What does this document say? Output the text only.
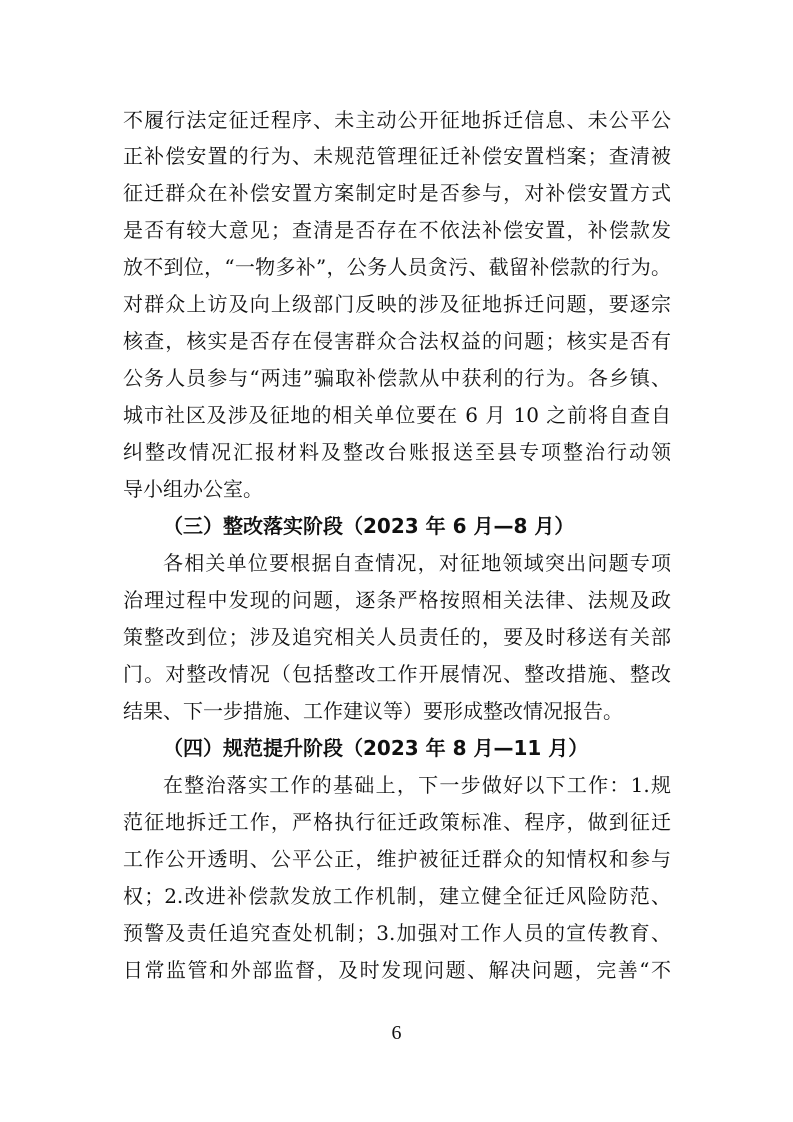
不履行法定征迁程序、未主动公开征地拆迁信息、未公平公
正补偿安置的行为、未规范管理征迁补偿安置档案；查清被
征迁群众在补偿安置方案制定时是否参与，对补偿安置方式
是否有较大意见；查清是否存在不依法补偿安置，补偿款发
放不到位，“一物多补”，公务人员贪污、截留补偿款的行为。
对群众上访及向上级部门反映的涉及征地拆迁问题，要逐宗
核查，核实是否存在侵害群众合法权益的问题；核实是否有
公务人员参与“两违”骗取补偿款从中获利的行为。各乡镇、
城市社区及涉及征地的相关单位要在 6 月 10 之前将自查自
纠整改情况汇报材料及整改台账报送至县专项整治行动领
导小组办公室。
（三）整改落实阶段（2023 年 6 月—8 月）
各相关单位要根据自查情况，对征地领域突出问题专项
治理过程中发现的问题，逐条严格按照相关法律、法规及政
策整改到位；涉及追究相关人员责任的，要及时移送有关部
门。对整改情况（包括整改工作开展情况、整改措施、整改
结果、下一步措施、工作建议等）要形成整改情况报告。
（四）规范提升阶段（2023 年 8 月—11 月）
在整治落实工作的基础上，下一步做好以下工作：1.规
范征地拆迁工作，严格执行征迁政策标准、程序，做到征迁
工作公开透明、公平公正，维护被征迁群众的知情权和参与
权；2.改进补偿款发放工作机制，建立健全征迁风险防范、
预警及责任追究查处机制；3.加强对工作人员的宣传教育、
日常监管和外部监督，及时发现问题、解决问题，完善“不
6
